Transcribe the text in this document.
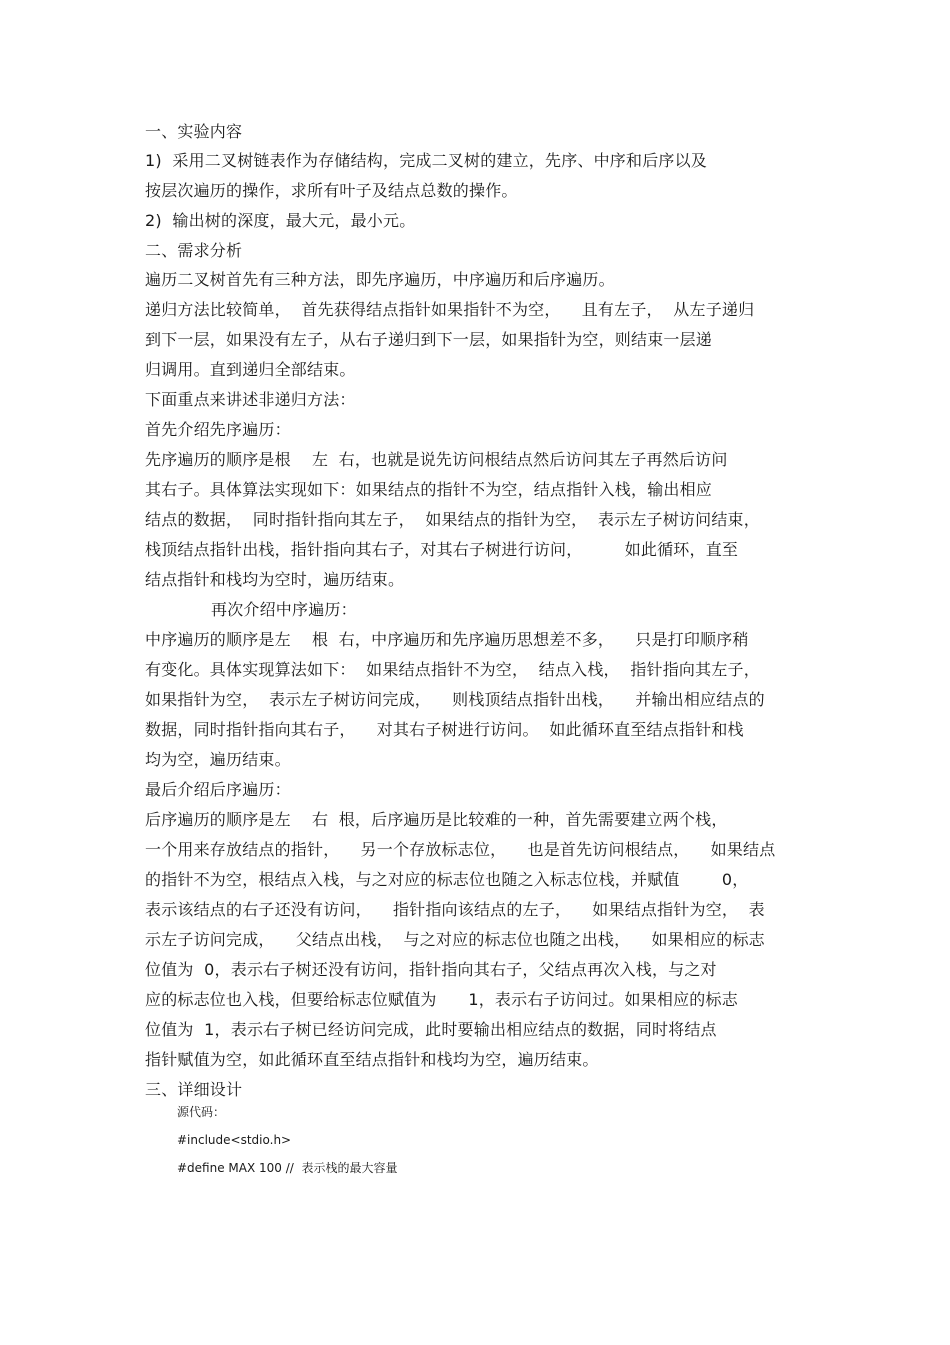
一、实验内容
1)  采用二叉树链表作为存储结构，完成二叉树的建立，先序、中序和后序以及
按层次遍历的操作，求所有叶子及结点总数的操作。
2)  输出树的深度，最大元，最小元。
二、需求分析
遍历二叉树首先有三种方法，即先序遍历，中序遍历和后序遍历。
递归方法比较简单，  首先获得结点指针如果指针不为空，    且有左子，  从左子递归
到下一层，如果没有左子，从右子递归到下一层，如果指针为空，则结束一层递
归调用。直到递归全部结束。
下面重点来讲述非递归方法：
首先介绍先序遍历：
先序遍历的顺序是根    左  右，也就是说先访问根结点然后访问其左子再然后访问
其右子。具体算法实现如下：如果结点的指针不为空，结点指针入栈，输出相应
结点的数据，  同时指针指向其左子，  如果结点的指针为空，  表示左子树访问结束，
栈顶结点指针出栈，指针指向其右子，对其右子树进行访问，        如此循环，直至
结点指针和栈均为空时，遍历结束。
再次介绍中序遍历：
中序遍历的顺序是左    根  右，中序遍历和先序遍历思想差不多，    只是打印顺序稍
有变化。具体实现算法如下：  如果结点指针不为空，  结点入栈，  指针指向其左子，
如果指针为空，  表示左子树访问完成，    则栈顶结点指针出栈，    并输出相应结点的
数据，同时指针指向其右子，    对其右子树进行访问。  如此循环直至结点指针和栈
均为空，遍历结束。
最后介绍后序遍历：
后序遍历的顺序是左    右  根，后序遍历是比较难的一种，首先需要建立两个栈，
一个用来存放结点的指针，    另一个存放标志位，    也是首先访问根结点，    如果结点
的指针不为空，根结点入栈，与之对应的标志位也随之入标志位栈，并赋值        0，
表示该结点的右子还没有访问，    指针指向该结点的左子，    如果结点指针为空，  表
示左子访问完成，    父结点出栈，  与之对应的标志位也随之出栈，    如果相应的标志
位值为  0，表示右子树还没有访问，指针指向其右子，父结点再次入栈，与之对
应的标志位也入栈，但要给标志位赋值为      1，表示右子访问过。如果相应的标志
位值为  1，表示右子树已经访问完成，此时要输出相应结点的数据，同时将结点
指针赋值为空，如此循环直至结点指针和栈均为空，遍历结束。
三、详细设计
源代码：
#include<stdio.h>
#define MAX 100 //  表示栈的最大容量
